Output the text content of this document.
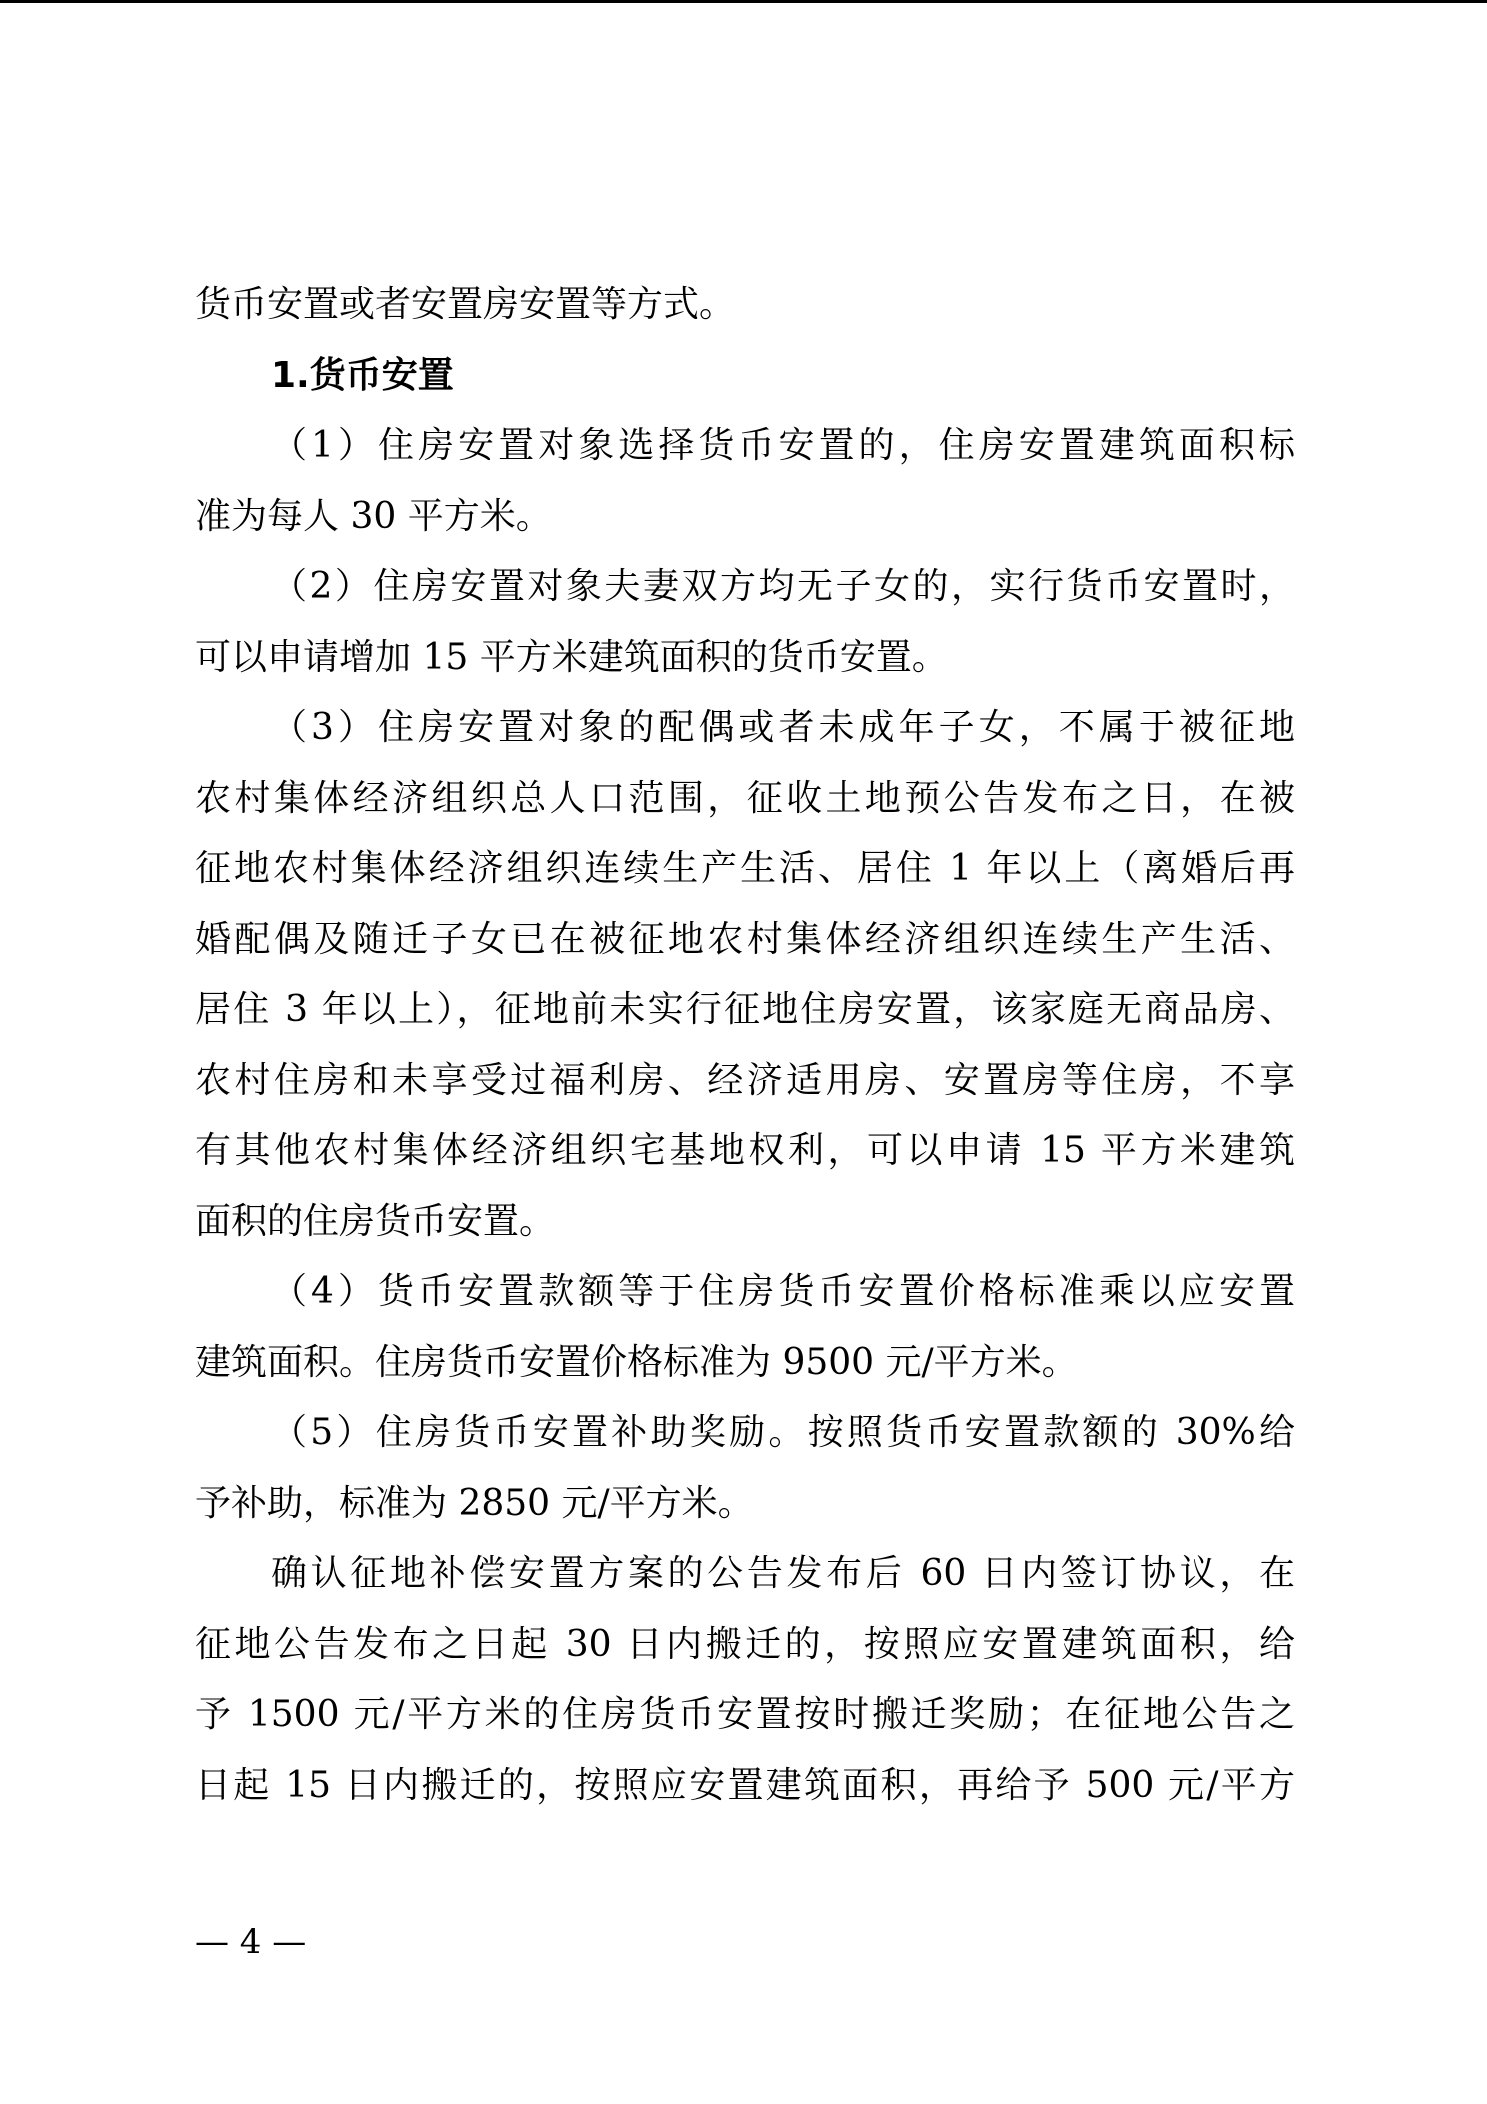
货币安置或者安置房安置等方式。
1.货币安置
（1）住房安置对象选择货币安置的，住房安置建筑面积标
准为每人 30 平方米。
（2）住房安置对象夫妻双方均无子女的，实行货币安置时，
可以申请增加 15 平方米建筑面积的货币安置。
（3）住房安置对象的配偶或者未成年子女，不属于被征地
农村集体经济组织总人口范围，征收土地预公告发布之日，在被
征地农村集体经济组织连续生产生活、居住 1 年以上（离婚后再
婚配偶及随迁子女已在被征地农村集体经济组织连续生产生活、
居住 3 年以上），征地前未实行征地住房安置，该家庭无商品房、
农村住房和未享受过福利房、经济适用房、安置房等住房，不享
有其他农村集体经济组织宅基地权利，可以申请 15 平方米建筑
面积的住房货币安置。
（4）货币安置款额等于住房货币安置价格标准乘以应安置
建筑面积。住房货币安置价格标准为 9500 元/平方米。
（5）住房货币安置补助奖励。按照货币安置款额的 30%给
予补助，标准为 2850 元/平方米。
确认征地补偿安置方案的公告发布后 60 日内签订协议，在
征地公告发布之日起 30 日内搬迁的，按照应安置建筑面积，给
予 1500 元/平方米的住房货币安置按时搬迁奖励；在征地公告之
日起 15 日内搬迁的，按照应安置建筑面积，再给予 500 元/平方
— 4 —
